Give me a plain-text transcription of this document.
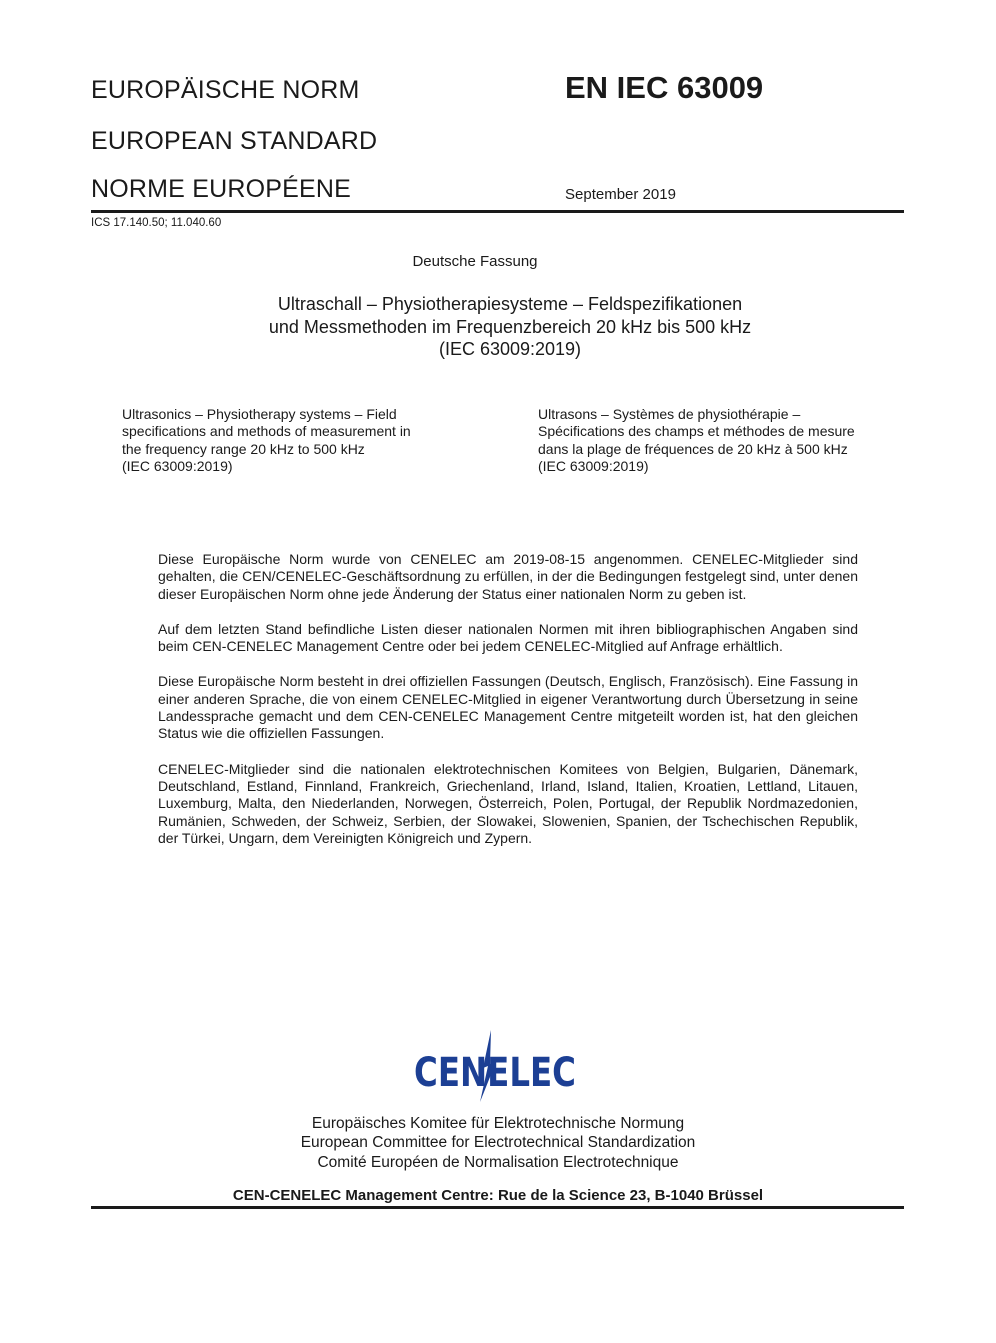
EUROPÄISCHE NORM
EUROPEAN STANDARD
NORME EUROPÉENE
EN IEC 63009
September 2019
ICS 17.140.50; 11.040.60
Deutsche Fassung
Ultraschall – Physiotherapiesysteme – Feldspezifikationen
und Messmethoden im Frequenzbereich 20 kHz bis 500 kHz
(IEC 63009:2019)
Ultrasonics – Physiotherapy systems – Field
specifications and methods of measurement in
the frequency range 20 kHz to 500 kHz
(IEC 63009:2019)
Ultrasons – Systèmes de physiothérapie –
Spécifications des champs et méthodes de mesure
dans la plage de fréquences de 20 kHz à 500 kHz
(IEC 63009:2019)

Diese Europäische Norm wurde von CENELEC am 2019-08-15 angenommen. CENELEC-Mitglieder sind gehalten, die CEN/CENELEC-Geschäftsordnung zu erfüllen, in der die Bedingungen festgelegt sind, unter denen dieser Europäischen Norm ohne jede Änderung der Status einer nationalen Norm zu geben ist.

Auf dem letzten Stand befindliche Listen dieser nationalen Normen mit ihren bibliographischen Angaben sind beim CEN-CENELEC Management Centre oder bei jedem CENELEC-Mitglied auf Anfrage erhältlich.

Diese Europäische Norm besteht in drei offiziellen Fassungen (Deutsch, Englisch, Französisch). Eine Fassung in einer anderen Sprache, die von einem CENELEC-Mitglied in eigener Verantwortung durch Übersetzung in seine Landessprache gemacht und dem CEN-CENELEC Management Centre mitgeteilt worden ist, hat den gleichen Status wie die offiziellen Fassungen.

CENELEC-Mitglieder sind die nationalen elektrotechnischen Komitees von Belgien, Bulgarien, Dänemark, Deutschland, Estland, Finnland, Frankreich, Griechenland, Irland, Island, Italien, Kroatien, Lettland, Litauen, Luxemburg, Malta, den Niederlanden, Norwegen, Österreich, Polen, Portugal, der Republik Nordmazedonien, Rumänien, Schweden, der Schweiz, Serbien, der Slowakei, Slowenien, Spanien, der Tschechischen Republik, der Türkei, Ungarn, dem Vereinigten Königreich und Zypern.

CENELEC
Europäisches Komitee für Elektrotechnische Normung
European Committee for Electrotechnical Standardization
Comité Européen de Normalisation Electrotechnique
CEN-CENELEC Management Centre: Rue de la Science 23, B-1040 Brüssel
